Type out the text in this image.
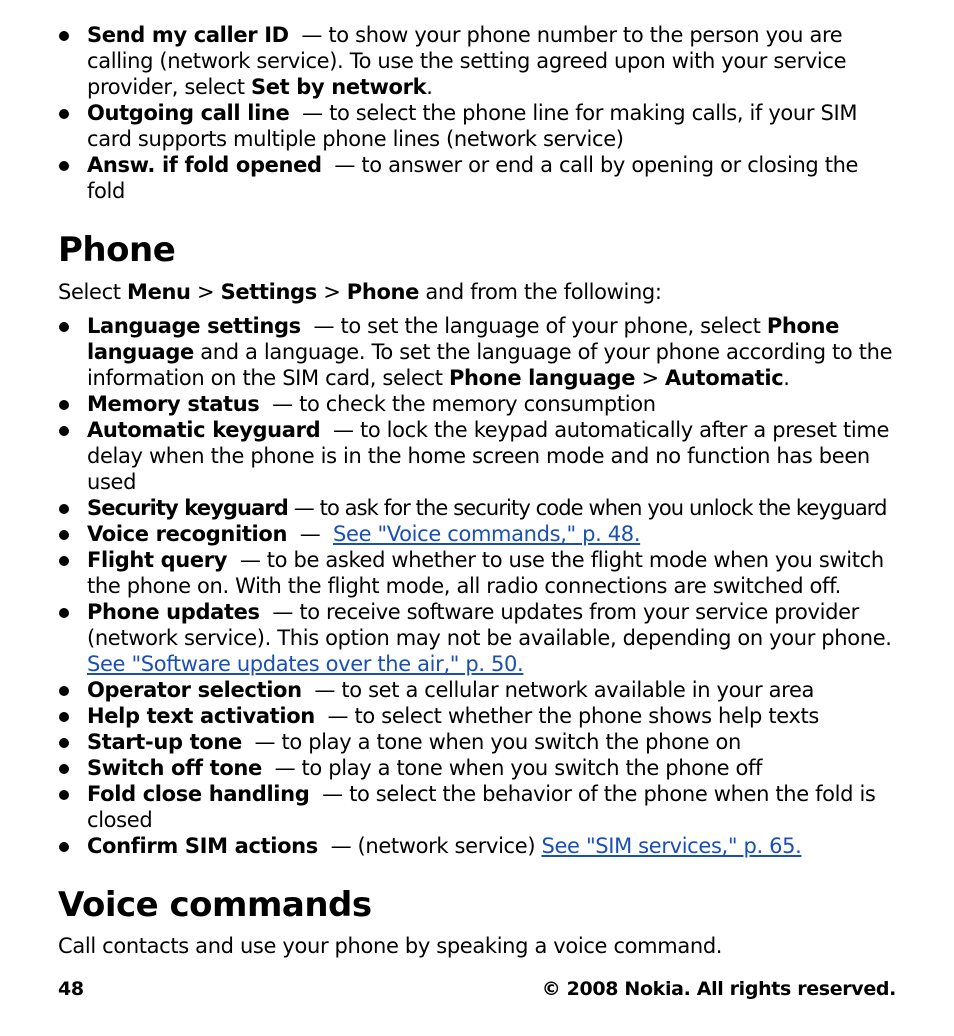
Send my caller ID — to show your phone number to the person you are calling (network service). To use the setting agreed upon with your service provider, select Set by network.
Outgoing call line — to select the phone line for making calls, if your SIM card supports multiple phone lines (network service)
Answ. if fold opened — to answer or end a call by opening or closing the fold
Phone

Select Menu > Settings > Phone and from the following:

Language settings — to set the language of your phone, select Phone language and a language. To set the language of your phone according to the information on the SIM card, select Phone language > Automatic.
Memory status — to check the memory consumption
Automatic keyguard — to lock the keypad automatically after a preset time delay when the phone is in the home screen mode and no function has been used
Security keyguard — to ask for the security code when you unlock the keyguard
Voice recognition —  See "Voice commands," p. 48.
Flight query — to be asked whether to use the flight mode when you switch the phone on. With the flight mode, all radio connections are switched off.
Phone updates — to receive software updates from your service provider (network service). This option may not be available, depending on your phone. See "Software updates over the air," p. 50.
Operator selection — to set a cellular network available in your area
Help text activation — to select whether the phone shows help texts
Start-up tone — to play a tone when you switch the phone on
Switch off tone — to play a tone when you switch the phone off
Fold close handling — to select the behavior of the phone when the fold is closed
Confirm SIM actions — (network service) See "SIM services," p. 65.
Voice commands

Call contacts and use your phone by speaking a voice command.

48	© 2008 Nokia. All rights reserved.
